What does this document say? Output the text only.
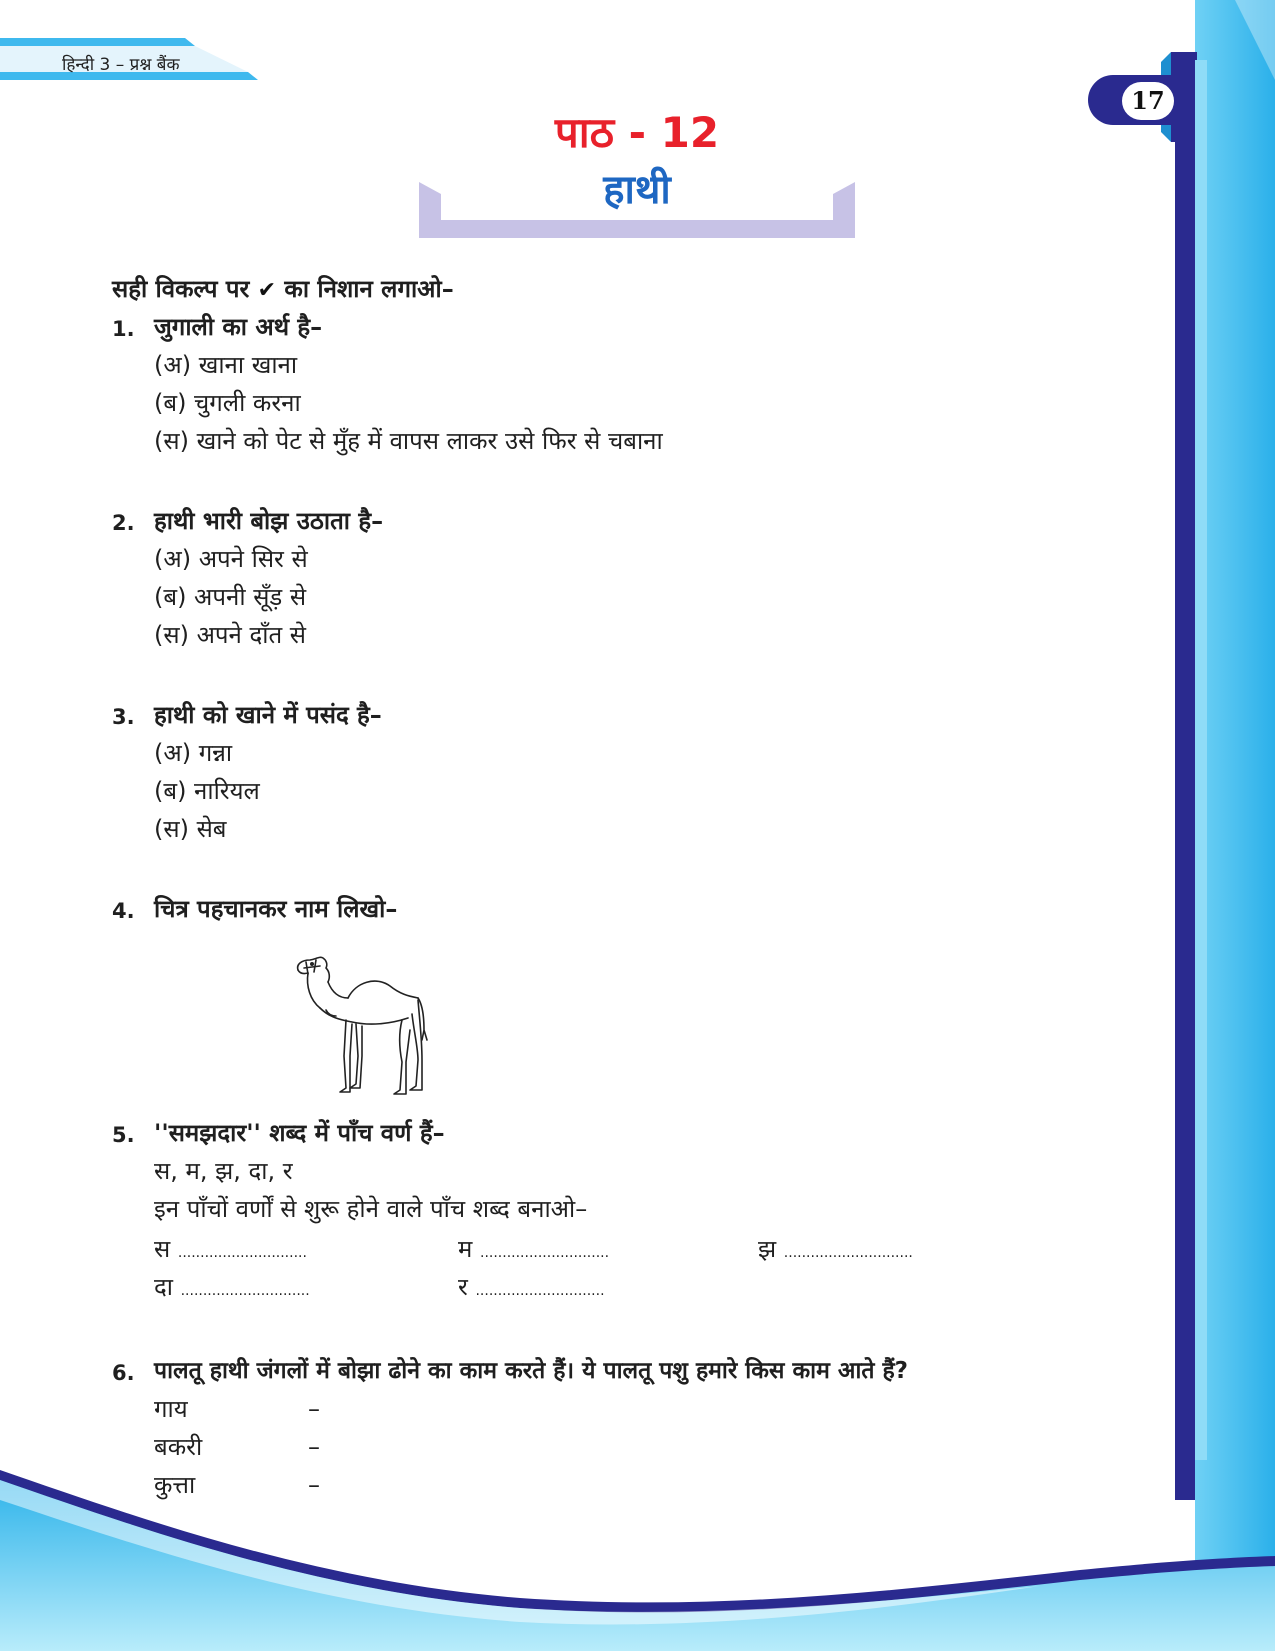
हिन्दी 3 – प्रश्न बैंक
17
पाठ - 12
हाथी
सही विकल्प पर ✔ का निशान लगाओ–
1. जुगाली का अर्थ है–
(अ) खाना खाना
(ब) चुगली करना
(स) खाने को पेट से मुँह में वापस लाकर उसे फिर से चबाना
2. हाथी भारी बोझ उठाता है–
(अ) अपने सिर से
(ब) अपनी सूँड़ से
(स) अपने दाँत से
3. हाथी को खाने में पसंद है–
(अ) गन्ना
(ब) नारियल
(स) सेब
4. चित्र पहचानकर नाम लिखो–
5. ''समझदार'' शब्द में पाँच वर्ण हैं–
स, म, झ, दा, र
इन पाँचों वर्णों से शुरू होने वाले पाँच शब्द बनाओ–
स .............................	म .............................	झ .............................
दा .............................	र .............................
6. पालतू हाथी जंगलों में बोझा ढोने का काम करते हैं। ये पालतू पशु हमारे किस काम आते हैं?
गाय	–
बकरी	–
कुत्ता	–
